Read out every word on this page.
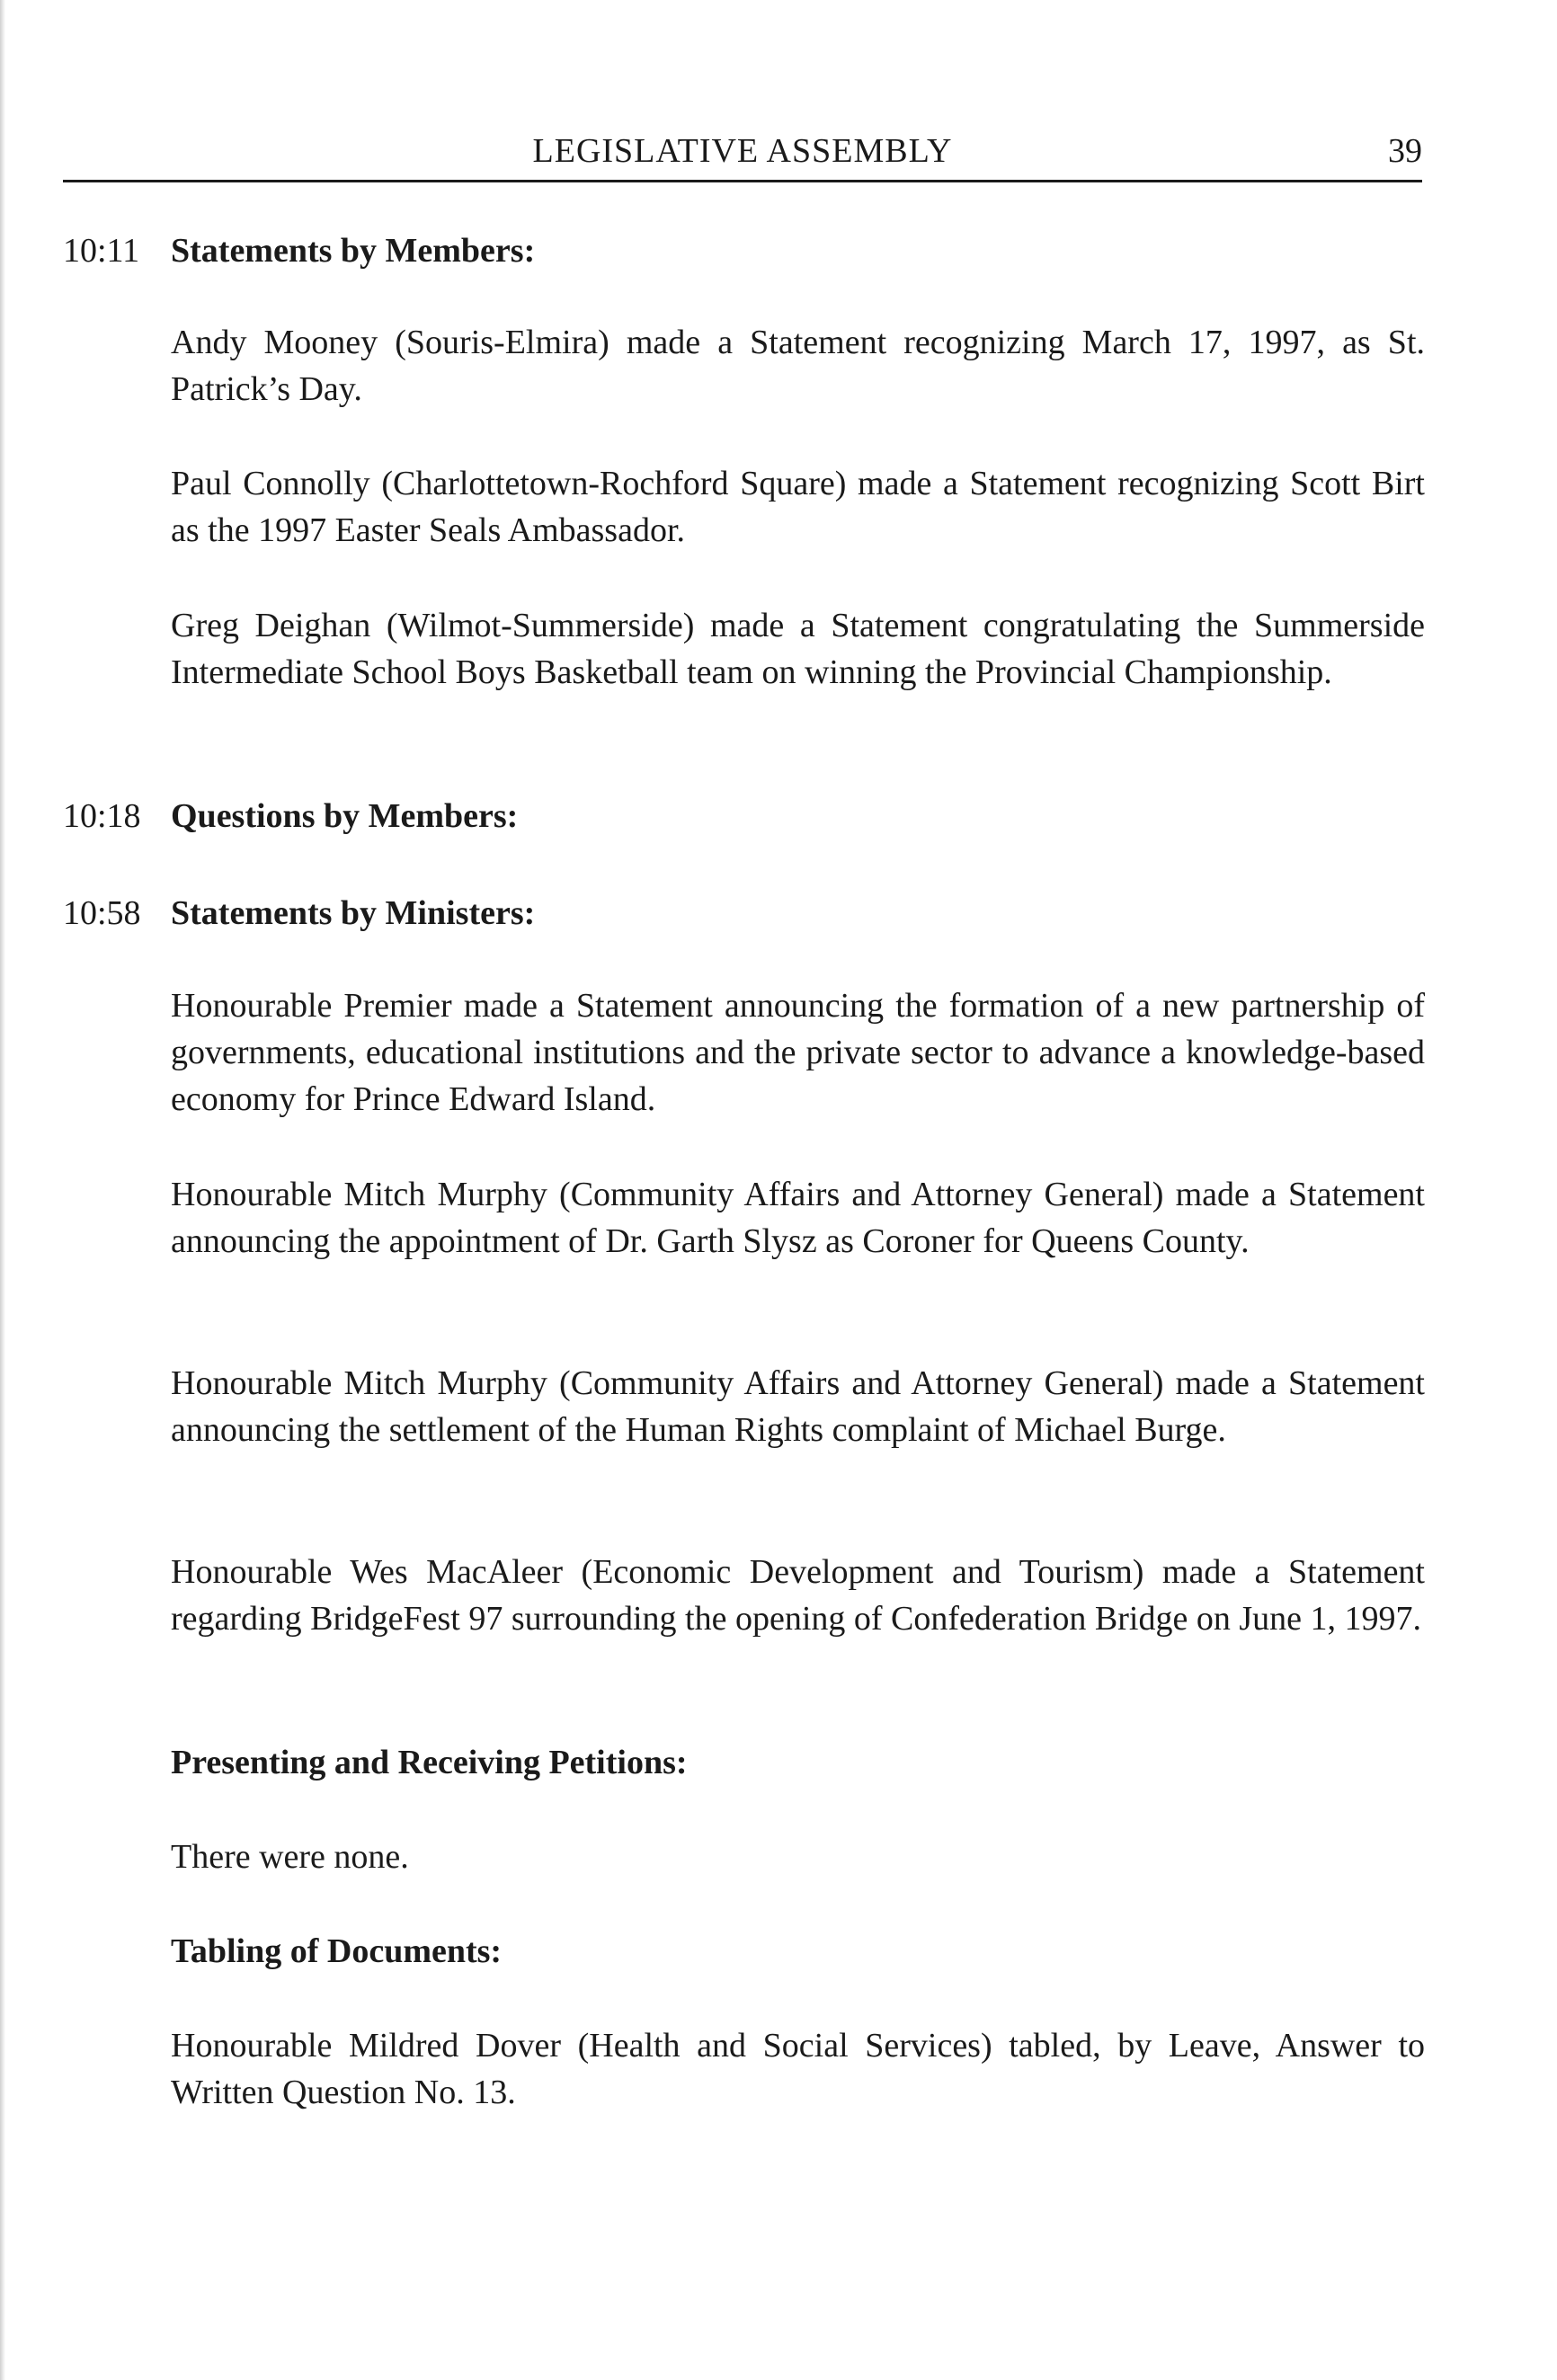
LEGISLATIVE ASSEMBLY	39
10:11 Statements by Members:

Andy Mooney (Souris-Elmira) made a Statement recognizing March 17, 1997, as St. Patrick’s Day.

Paul Connolly (Charlottetown-Rochford Square) made a Statement recognizing Scott Birt as the 1997 Easter Seals Ambassador.

Greg Deighan (Wilmot-Summerside) made a Statement congratulating the Summerside Intermediate School Boys Basketball team on winning the Provincial Championship.

10:18 Questions by Members:
10:58 Statements by Ministers:

Honourable Premier made a Statement announcing the formation of a new partnership of governments, educational institutions and the private sector to advance a knowledge-based economy for Prince Edward Island.

Honourable Mitch Murphy (Community Affairs and Attorney General) made a Statement announcing the appointment of Dr. Garth Slysz as Coroner for Queens County.

Honourable Mitch Murphy (Community Affairs and Attorney General) made a Statement announcing the settlement of the Human Rights complaint of Michael Burge.

Honourable Wes MacAleer (Economic Development and Tourism) made a Statement regarding BridgeFest 97 surrounding the opening of Confederation Bridge on June 1, 1997.

Presenting and Receiving Petitions:

There were none.

Tabling of Documents:

Honourable Mildred Dover (Health and Social Services) tabled, by Leave, Answer to Written Question No. 13.
